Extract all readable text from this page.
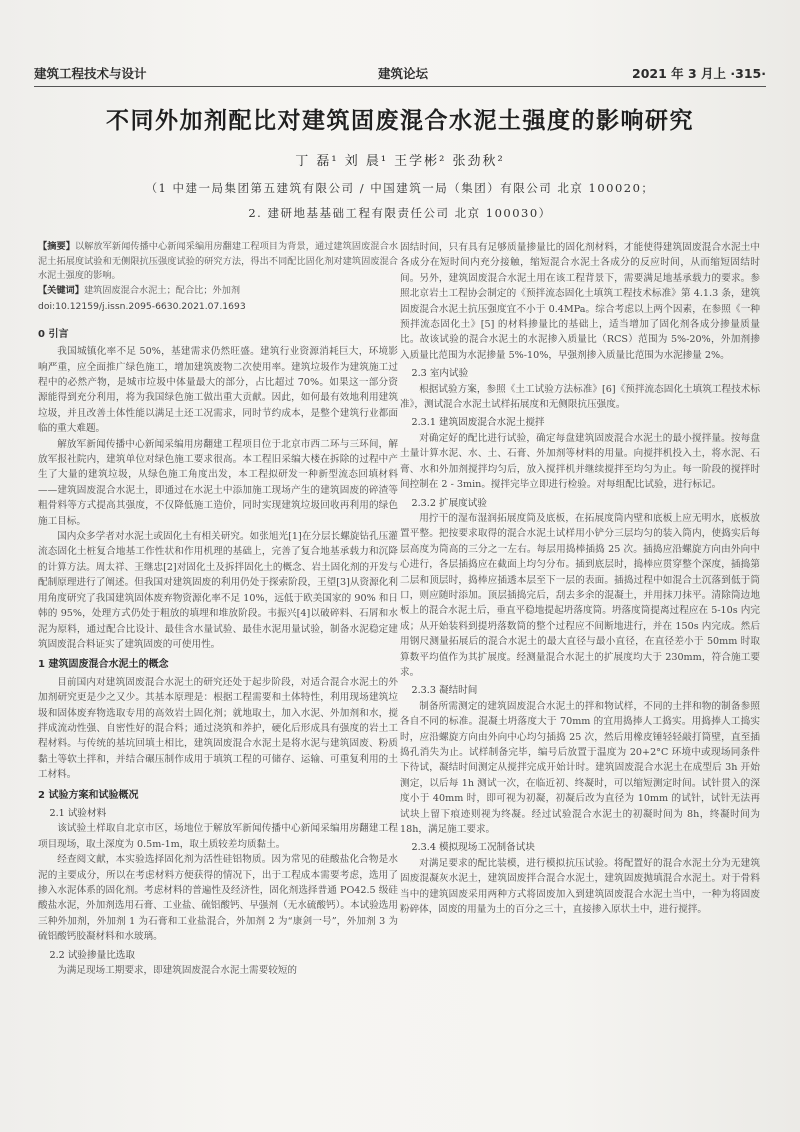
建筑工程技术与设计	建筑论坛	2021 年 3 月上 ·315·
不同外加剂配比对建筑固废混合水泥土强度的影响研究
丁 磊¹ 刘 晨¹ 王学彬² 张劲秋²
（1 中建一局集团第五建筑有限公司 / 中国建筑一局（集团）有限公司 北京 100020；
2. 建研地基基础工程有限责任公司 北京 100030）
【摘要】以解放军新闻传播中心新闻采编用房翻建工程项目为背景，通过建筑固废混合水泥土拓展度试验和无侧限抗压强度试验的研究方法，得出不同配比固化剂对建筑固废混合水泥土强度的影响。
【关键词】建筑固废混合水泥土；配合比；外加剂
doi:10.12159/j.issn.2095-6630.2021.07.1693
0 引言

我国城镇化率不足 50%，基建需求仍然旺盛。建筑行业资源消耗巨大，环境影响严重，应全面推广绿色施工，增加建筑废物二次使用率。建筑垃圾作为建筑施工过程中的必然产物，是城市垃圾中体量最大的部分，占比超过 70%。如果这一部分资源能得到充分利用，将为我国绿色施工做出重大贡献。因此，如何最有效地利用建筑垃圾，并且改善土体性能以满足土还工况需求，同时节约成本，是整个建筑行业都面临的重大难题。

解放军新闻传播中心新闻采编用房翻建工程项目位于北京市西二环与三环间，解放军报社院内，建筑单位对绿色施工要求很高。本工程旧采编大楼在拆除的过程中产生了大量的建筑垃圾，从绿色施工角度出发，本工程拟研发一种新型流态回填材料——建筑固废混合水泥土，即通过在水泥土中添加施工现场产生的建筑固废的碎渣等粗骨料等方式提高其强度，不仅降低施工造价，同时实现建筑垃圾回收再利用的绿色施工目标。

国内众多学者对水泥土或固化土有相关研究。如张旭光[1]在分层长螺旋钻孔压灌流态固化土桩复合地基工作性状和作用机理的基础上，完善了复合地基承载力和沉降的计算方法。周太祥、王继忠[2]对固化土及拆拌固化土的概念、岩土固化剂的开发与配制原理进行了阐述。但我国对建筑固废的利用仍处于探索阶段，王望[3]从资源化利用角度研究了我国建筑固体废弃物资源化率不足 10%，远低于欧美国家的 90% 和日韩的 95%，处理方式仍处于粗放的填埋和堆放阶段。韦振兴[4]以破碎料、石屑和水泥为原料，通过配合比设计、最佳含水量试验、最佳水泥用量试验，制备水泥稳定建筑固废混合料证实了建筑固废的可使用性。

1 建筑固废混合水泥土的概念

目前国内对建筑固废混合水泥土的研究还处于起步阶段，对适合混合水泥土的外加剂研究更是少之又少。其基本原理是：根据工程需要和土体特性，利用现场建筑垃圾和固体废弃物选取专用的高效岩土固化剂；就地取土，加入水泥、外加剂和水，搅拌成流动性强、自密性好的混合料；通过浇筑和养护，硬化后形成具有强度的岩土工程材料。与传统的基坑回填土相比，建筑固废混合水泥土是将水泥与建筑固废、粉质黏土等软土拌和，并结合碾压制作成用于填筑工程的可储存、运输、可重复利用的土工材料。

2 试验方案和试验概况
2.1 试验材料

该试验土样取自北京市区，场地位于解放军新闻传播中心新闻采编用房翻建工程项目现场，取土深度为 0.5m-1m，取土质较差均质黏土。

经查阅文献，本实验选择固化剂为活性硅铝物质。因为常见的硅酸盐化合物是水泥的主要成分，所以在考虑材料方便获得的情况下，出于工程成本需要考虑，选用了掺入水泥体系的固化剂。考虑材料的普遍性及经济性，固化剂选择普通 PO42.5 级硅酸盐水泥，外加剂选用石膏、工业盐、硫铝酸钙、早强剂（无水硫酸钙）。本试验选用三种外加剂，外加剂 1 为石膏和工业盐混合，外加剂 2 为“康剑一号”，外加剂 3 为硫铝酸钙胶凝材料和水玻璃。

2.2 试验掺量比选取

为满足现场工期要求，即建筑固废混合水泥土需要较短的

固结时间，只有具有足够质量掺量比的固化剂材料，才能使得建筑固废混合水泥土中各成分在短时间内充分接触，缩短混合水泥土各成分的反应时间，从而缩短固结时间。另外，建筑固废混合水泥土用在该工程背景下，需要满足地基承载力的要求。参照北京岩土工程协会制定的《预拌流态固化土填筑工程技术标准》第 4.1.3 条，建筑固废混合水泥土抗压强度宜不小于 0.4MPa。综合考虑以上两个因素，在参照《一种预拌流态固化土》[5] 的材料掺量比的基础上，适当增加了固化剂各成分掺量质量比。故该试验的混合水泥土的水泥掺入质量比（RCS）范围为 5%-20%，外加剂掺入质量比范围为水泥掺量 5%-10%，早强剂掺入质量比范围为水泥掺量 2%。

2.3 室内试验

根据试验方案，参照《土工试验方法标准》[6]《预拌流态固化土填筑工程技术标准》，测试混合水泥土试样拓展度和无侧限抗压强度。

2.3.1 建筑固废混合水泥土搅拌

对确定好的配比进行试验，确定每盘建筑固废混合水泥土的最小搅拌量。按每盘土量计算水泥、水、土、石膏、外加剂等材料的用量。向搅拌机投入土，将水泥、石膏、水和外加剂搅拌均匀后，放入搅拌机并继续搅拌至均匀为止。每一阶段的搅拌时间控制在 2 - 3min。搅拌完毕立即进行检验。对每组配比试验，进行标记。

2.3.2 扩展度试验

用拧干的湿布湿润拓展度筒及底板，在拓展度筒内壁和底板上应无明水，底板放置平整。把按要求取得的混合水泥土试样用小铲分三层均匀的装入筒内，使捣实后每层高度为筒高的三分之一左右。每层用捣棒插捣 25 次。插捣应沿螺旋方向由外向中心进行，各层插捣应在截面上均匀分布。插到底层时，捣棒应贯穿整个深度，插捣第二层和顶层时，捣棒应插透本层至下一层的表面。插捣过程中如混合土沉落到低于筒口，则应随时添加。顶层插捣完后，刮去多余的混凝土，并用抹刀抹平。清除筒边地板上的混合水泥土后，垂直平稳地提起坍落度筒。坍落度筒提离过程应在 5-10s 内完成；从开始装料到提坍落数筒的整个过程应不间断地进行，并在 150s 内完成。然后用钢尺测量拓展后的混合水泥土的最大直径与最小直径，在直径差小于 50mm 时取算数平均值作为其扩展度。经测量混合水泥土的扩展度均大于 230mm，符合施工要求。

2.3.3 凝结时间

制备所需测定的建筑固废混合水泥土的拌和物试样，不同的土拌和物的制备参照各自不同的标准。混凝土坍落度大于 70mm 的宜用捣捧人工捣实。用捣捧人工捣实时，应沿螺旋方向由外向中心均匀插捣 25 次，然后用橡皮锤轻轻敲打筒壁，直至插捣孔消失为止。试样制备完毕，编号后放置于温度为 20+2°C 环境中或现场同条件下待试，凝结时间测定从搅拌完成开始计时。建筑固废混合水泥土在成型后 3h 开始测定，以后每 1h 测试一次，在临近初、终凝时，可以缩短测定时间。试针贯入的深度小于 40mm 时，即可视为初凝，初凝后改为直径为 10mm 的试针，试针无法再试块上留下痕迹则视为终凝。经过试验混合水泥土的初凝时间为 8h，终凝时间为 18h，满足施工要求。

2.3.4 模拟现场工况制备试块

对满足要求的配比装模，进行模拟抗压试验。将配置好的混合水泥土分为无建筑固废混凝灰水泥土，建筑固废拌合混合水泥土，建筑固废抛填混合水泥土。对于骨料当中的建筑固废采用两种方式将固废加入到建筑固废混合水泥土当中，一种为将固废粉碎体，固废的用量为土的百分之三十，直接掺入原状土中，进行搅拌。
